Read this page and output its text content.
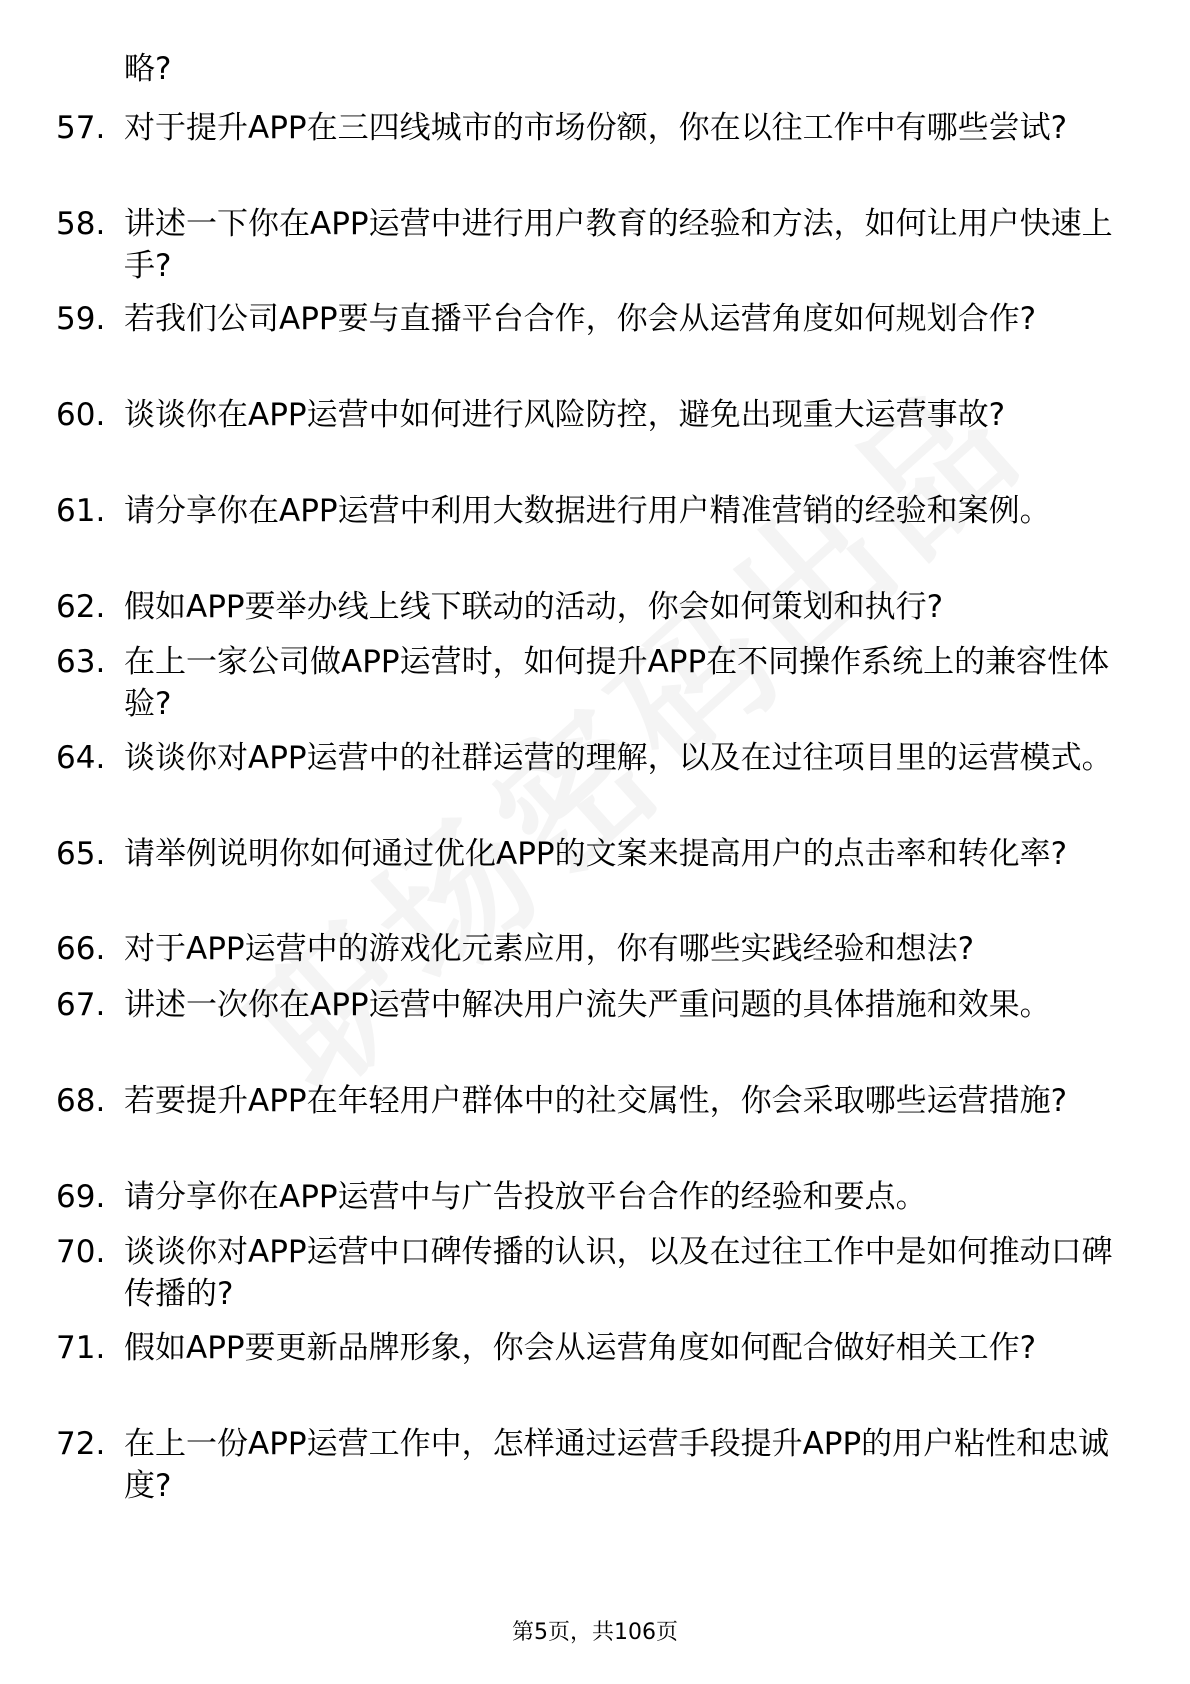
略?
57. 对于提升APP在三四线城市的市场份额，你在以往工作中有哪些尝试?
58. 讲述一下你在APP运营中进行用户教育的经验和方法，如何让用户快速上手?
59. 若我们公司APP要与直播平台合作，你会从运营角度如何规划合作?
60. 谈谈你在APP运营中如何进行风险防控，避免出现重大运营事故?
61. 请分享你在APP运营中利用大数据进行用户精准营销的经验和案例。
62. 假如APP要举办线上线下联动的活动，你会如何策划和执行?
63. 在上一家公司做APP运营时，如何提升APP在不同操作系统上的兼容性体验?
64. 谈谈你对APP运营中的社群运营的理解，以及在过往项目里的运营模式。
65. 请举例说明你如何通过优化APP的文案来提高用户的点击率和转化率?
66. 对于APP运营中的游戏化元素应用，你有哪些实践经验和想法?
67. 讲述一次你在APP运营中解决用户流失严重问题的具体措施和效果。
68. 若要提升APP在年轻用户群体中的社交属性，你会采取哪些运营措施?
69. 请分享你在APP运营中与广告投放平台合作的经验和要点。
70. 谈谈你对APP运营中口碑传播的认识，以及在过往工作中是如何推动口碑传播的?
71. 假如APP要更新品牌形象，你会从运营角度如何配合做好相关工作?
72. 在上一份APP运营工作中，怎样通过运营手段提升APP的用户粘性和忠诚度?
第5页，共106页
